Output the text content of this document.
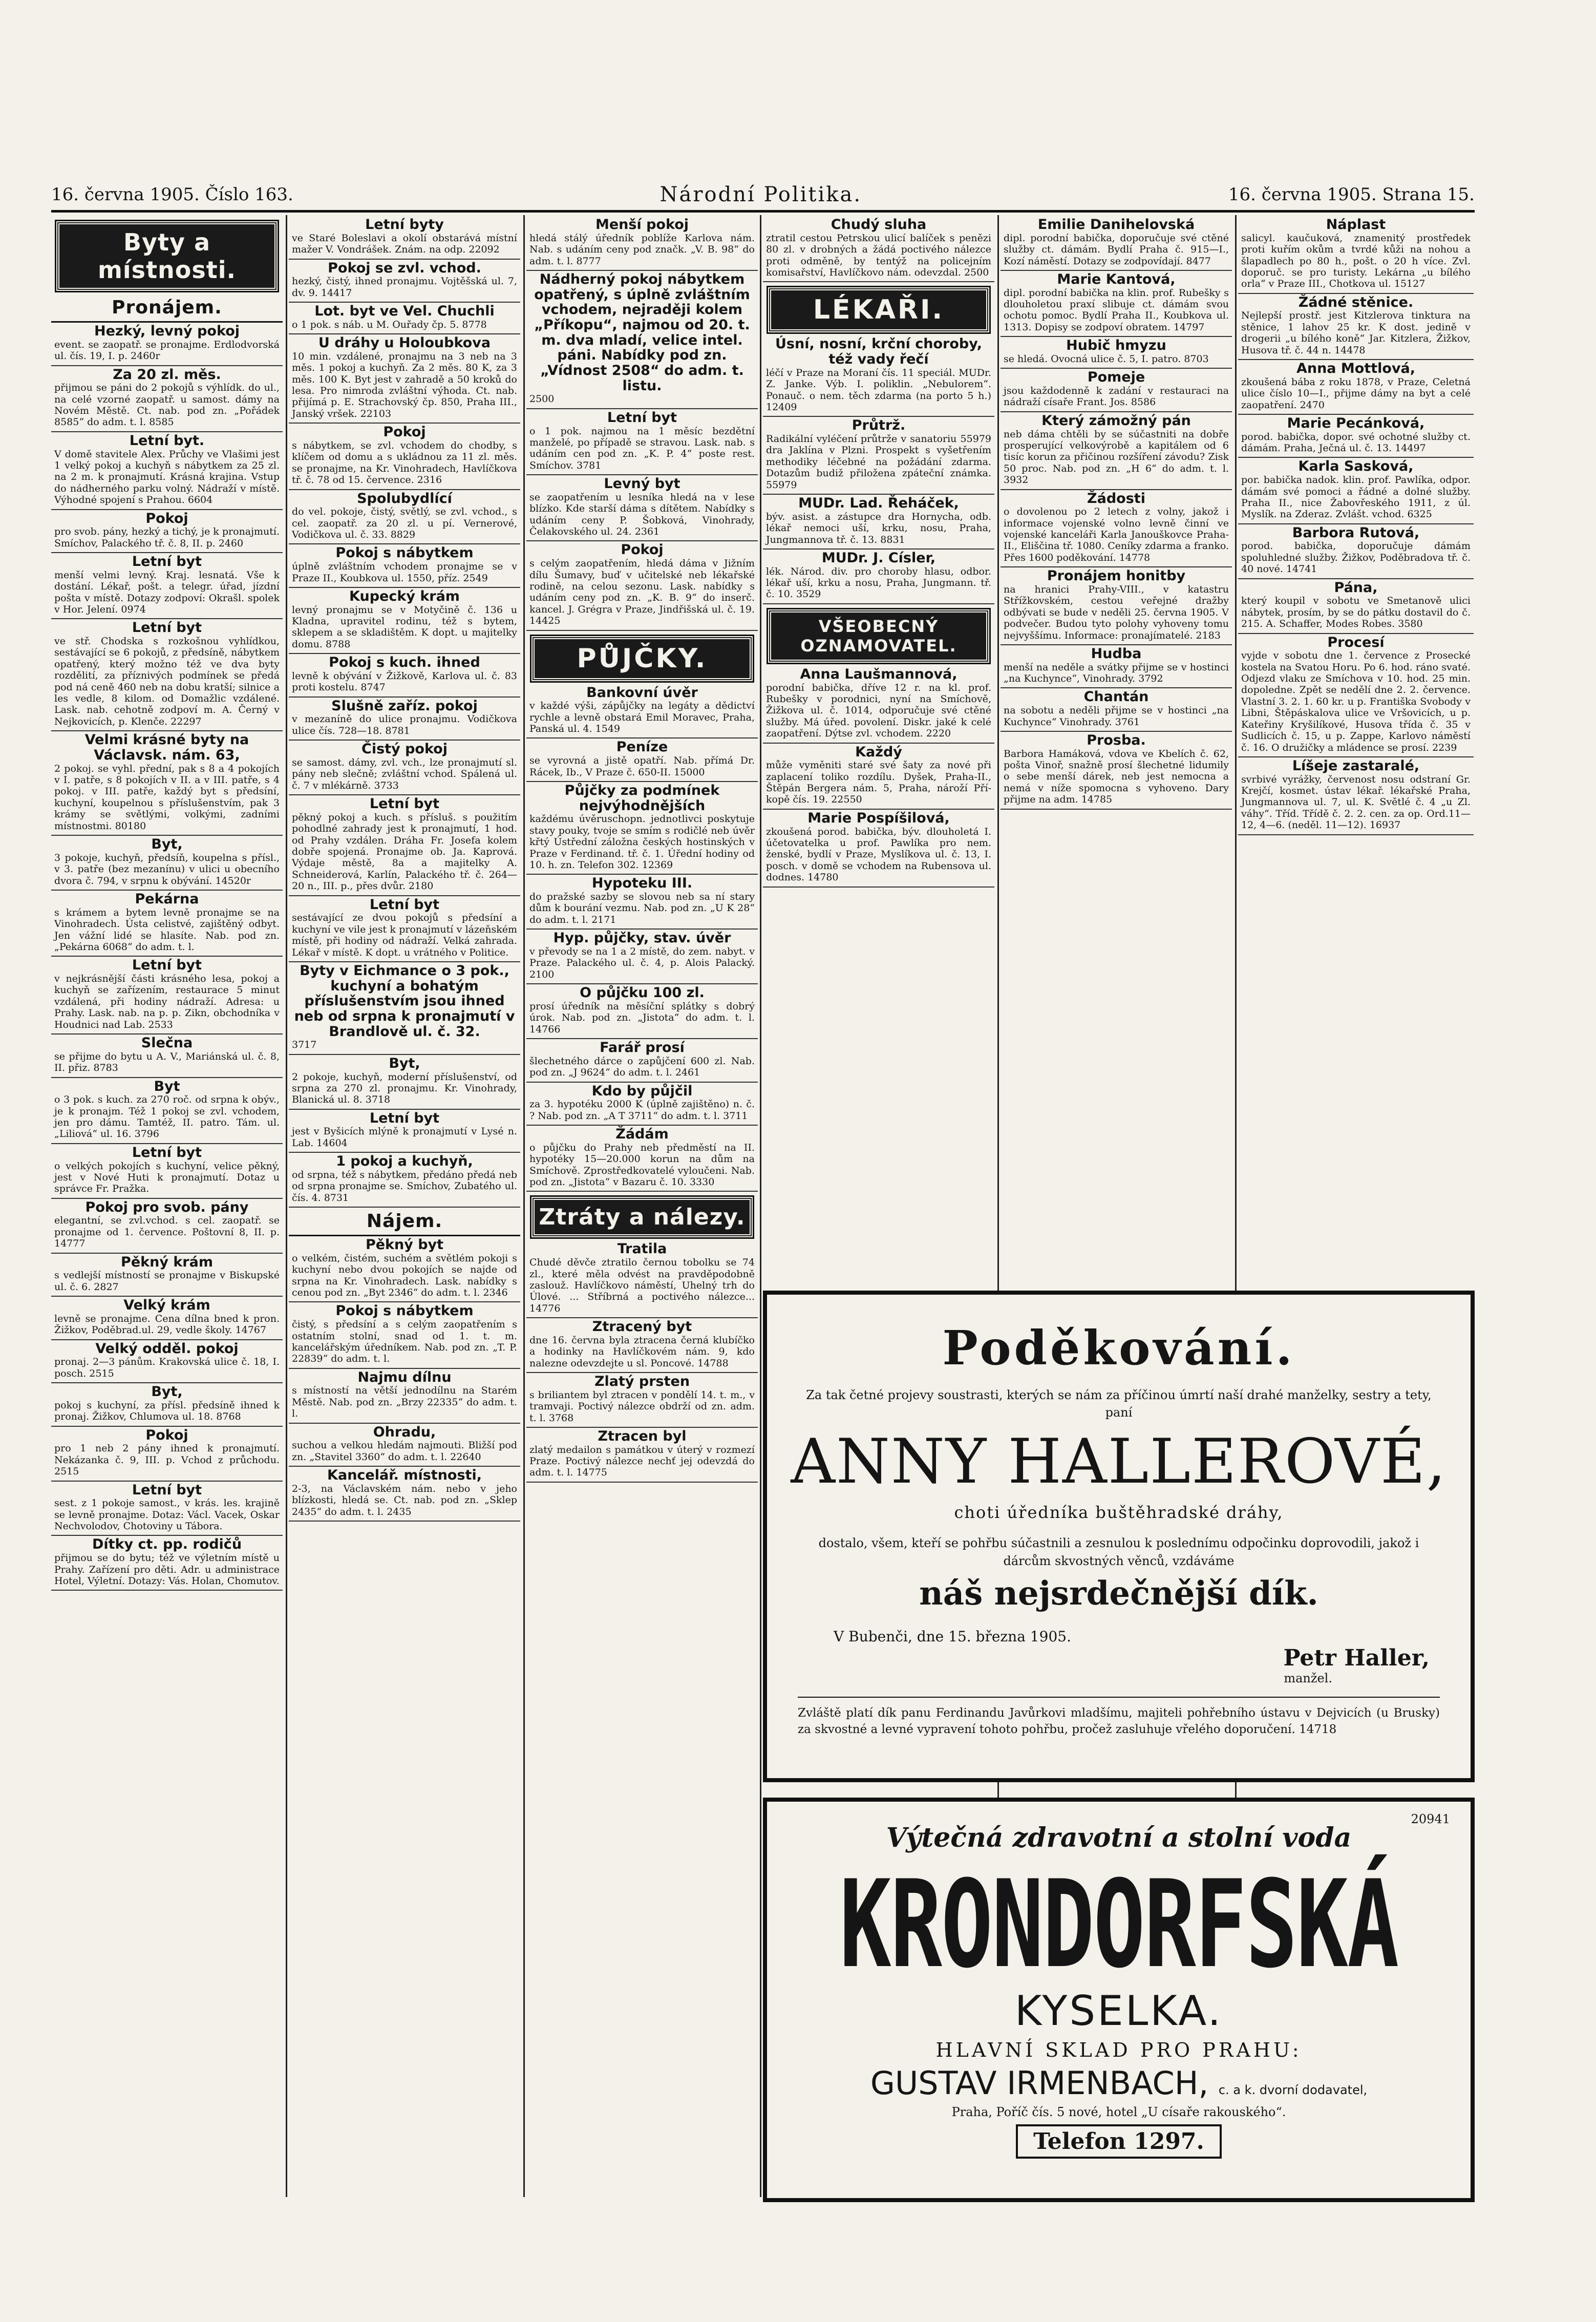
16. června 1905. Číslo 163.	Národní Politika.	16. června 1905. Strana 15.
Byty a místnosti.
Pronájem.
Hezký, levný pokoj

event. se zaopatř. se pronajme. Erdlodvorská ul. čís. 19, I. p. 2460r

Za 20 zl. měs.

přijmou se páni do 2 pokojů s výhlídk. do ul., na celé vzorné zaopatř. u samost. dámy na Novém Městě. Ct. nab. pod zn. „Pořádek 8585“ do adm. t. l. 8585

Letní byt.

V domě stavitele Alex. Průchy ve Vlašimi jest 1 velký pokoj a kuchyň s nábytkem za 25 zl. na 2 m. k pronajmutí. Krásná krajina. Vstup do nádherného parku volný. Nádraží v místě. Výhodné spojení s Prahou. 6604

Pokoj

pro svob. pány, hezký a tichý, je k pronajmutí. Smíchov, Palackého tř. č. 8, II. p. 2460

Letní byt

menší velmi levný. Kraj. lesnatá. Vše k dostání. Lékař, pošt. a telegr. úřad, jízdní pošta v místě. Dotazy zodpoví: Okrašl. spolek v Hor. Jelení. 0974

Letní byt

ve stř. Chodska s rozkošnou vyhlídkou, sestávající se 6 pokojů, z předsíně, nábytkem opatřený, který možno též ve dva byty rozdělití, za příznivých podmínek se předá pod ná ceně 460 neb na dobu kratší; silnice a les vedle, 8 kilom. od Domažlic vzdálené. Lask. nab. cehotně zodpoví m. A. Černý v Nejkovicích, p. Klenče. 22297

Velmi krásné byty na Václavsk. nám. 63,

2 pokoj. se vyhl. přední, pak s 8 a 4 pokojích v I. patře, s 8 pokojích v II. a v III. patře, s 4 pokoj. v III. patře, každý byt s předsíní, kuchyní, koupelnou s příslušenstvím, pak 3 krámy se světlými, volkými, zadními místnostmi. 80180

Byt,

3 pokoje, kuchyň, předsíň, koupelna s přísl., v 3. patře (bez mezanínu) v ulici u obecního dvora č. 794, v srpnu k obývání. 14520r

Pekárna

s krámem a bytem levně pronajme se na Vinohradech. Ústa celistvé, zajištěný odbyt. Jen vážní lidé se hlasíte. Nab. pod zn. „Pekárna 6068“ do adm. t. l.

Letní byt

v nejkrásnější části krásného lesa, pokoj a kuchyň se zařízením, restaurace 5 minut vzdálená, při hodiny nádraží. Adresa: u Prahy. Lask. nab. na p. p. Zikn, obchodníka v Houdnici nad Lab. 2533

Slečna

se přijme do bytu u A. V., Mariánská ul. č. 8, II. přiz. 8783

Byt

o 3 pok. s kuch. za 270 roč. od srpna k obýv., je k pronajm. Též 1 pokoj se zvl. vchodem, jen pro dámu. Tamtéž, II. patro. Tám. ul. „Liliová“ ul. 16. 3796

Letní byt

o velkých pokojích s kuchyní, velice pěkný, jest v Nové Huti k pronajmutí. Dotaz u správce Fr. Pražka.

Pokoj pro svob. pány

elegantní, se zvl.vchod. s cel. zaopatř. se pronajme od 1. července. Poštovní 8, II. p. 14777

Pěkný krám

s vedlejší místností se pronajme v Biskupské ul. č. 6. 2827

Velký krám

levně se pronajme. Cena dílna bned k pron. Žižkov, Poděbrad.ul. 29, vedle školy. 14767

Velký odděl. pokoj

pronaj. 2—3 pánům. Krakovská ulice č. 18, I. posch. 2515

Byt,

pokoj s kuchyní, za přísl. předsíně ihned k pronaj. Žižkov, Chlumova ul. 18. 8768

Pokoj

pro 1 neb 2 pány ihned k pronajmutí. Nekázanka č. 9, III. p. Vchod z průchodu. 2515

Letní byt

sest. z 1 pokoje samost., v krás. les. krajině se levně pronajme. Dotaz: Václ. Vacek, Oskar Nechvolodov, Chotoviny u Tábora.

Dítky ct. pp. rodičů

přijmou se do bytu; též ve výletním místě u Prahy. Zařízení pro děti. Adr. u administrace Hotel, Výletní. Dotazy: Vás. Holan, Chomutov.

Letní byty

ve Staré Boleslavi a okolí obstarává místní mažer V. Vondrášek. Znám. na odp. 22092

Pokoj se zvl. vchod.

hezký, čistý, ihned pronajmu. Vojtěšská ul. 7, dv. 9. 14417

Lot. byt ve Vel. Chuchli

o 1 pok. s náb. u M. Ouřady čp. 5. 8778

U dráhy u Holoubkova

10 min. vzdálené, pronajmu na 3 neb na 3 měs. 1 pokoj a kuchyň. Za 2 měs. 80 K, za 3 měs. 100 K. Byt jest v zahradě a 50 kroků do lesa. Pro nimroda zvláštní výhoda. Ct. nab. přijímá p. E. Strachovský čp. 850, Praha III., Janský vršek. 22103

Pokoj

s nábytkem, se zvl. vchodem do chodby, s klíčem od domu a s ukládnou za 11 zl. měs. se pronajme, na Kr. Vinohradech, Havlíčkova tř. č. 78 od 15. července. 2316

Spolubydlící

do vel. pokoje, čistý, světlý, se zvl. vchod., s cel. zaopatř. za 20 zl. u pí. Vernerové, Vodičkova ul. č. 33. 8829

Pokoj s nábytkem

úplně zvláštním vchodem pronajme se v Praze II., Koubkova ul. 1550, příz. 2549

Kupecký krám

levný pronajmu se v Motyčině č. 136 u Kladna, upravitel rodinu, též s bytem, sklepem a se skladištěm. K dopt. u majitelky domu. 8788

Pokoj s kuch. ihned

levně k obývání v Žižkově, Karlova ul. č. 83 proti kostelu. 8747

Slušně zaříz. pokoj

v mezaníně do ulice pronajmu. Vodičkova ulice čís. 728—18. 8781

Čistý pokoj

se samost. dámy, zvl. vch., lze pronajmutí sl. pány neb slečně; zvláštní vchod. Spálená ul. č. 7 v mlékárně. 3733

Letní byt

pěkný pokoj a kuch. s přísluš. s použitím pohodlné zahrady jest k pronajmutí, 1 hod. od Prahy vzdálen. Dráha Fr. Josefa kolem dobře spojená. Pronajme ob. Ja. Kaprová. Výdaje městě, 8a a majitelky A. Schneiderová, Karlín, Palackého tř. č. 264—20 n., III. p., přes dvůr. 2180

Letní byt

sestávající ze dvou pokojů s předsíní a kuchyní ve vile jest k pronajmutí v lázeňském místě, při hodiny od nádraží. Velká zahrada. Lékař v místě. K dopt. u vrátného v Politice.

Byty v Eichmance o 3 pok., kuchyní a bohatým příslušenstvím jsou ihned neb od srpna k pronajmutí v Brandlově ul. č. 32.

3717

Byt,

2 pokoje, kuchyň, moderní příslušenství, od srpna za 270 zl. pronajmu. Kr. Vinohrady, Blanická ul. 8. 3718

Letní byt

jest v Byšicích mlýně k pronajmutí v Lysé n. Lab. 14604

1 pokoj a kuchyň,

od srpna, též s nábytkem, předáno předá neb od srpna pronajme se. Smíchov, Zubatého ul. čís. 4. 8731

Nájem.
Pěkný byt

o velkém, čistém, suchém a světlém pokoji s kuchyní nebo dvou pokojích se najde od srpna na Kr. Vinohradech. Lask. nabídky s cenou pod zn. „Byt 2346“ do adm. t. l. 2346

Pokoj s nábytkem

čistý, s předsíní a s celým zaopatřením s ostatním stolní, snad od 1. t. m. kancelářským úředníkem. Nab. pod zn. „T. P. 22839“ do adm. t. l.

Najmu dílnu

s místností na větší jednodílnu na Starém Městě. Nab. pod zn. „Brzy 22335“ do adm. t. l.

Ohradu,

suchou a velkou hledám najmouti. Bližší pod zn. „Stavitel 3360“ do adm. t. l. 22640

Kancelář. místnosti,

2-3, na Václavském nám. nebo v jeho blízkosti, hledá se. Ct. nab. pod zn. „Sklep 2435“ do adm. t. l. 2435

Menší pokoj

hledá stálý úředník poblíže Karlova nám. Nab. s udáním ceny pod značk. „V. B. 98“ do adm. t. l. 8777

Nádherný pokoj nábytkem opatřený, s úplně zvláštním vchodem, nejraději kolem „Příkopu“, najmou od 20. t. m. dva mladí, velice intel. páni. Nabídky pod zn. „Vídnost 2508“ do adm. t. listu.

2500

Letní byt

o 1 pok. najmou na 1 měsíc bezdětní manželé, po případě se stravou. Lask. nab. s udáním cen pod zn. „K. P. 4“ poste rest. Smíchov. 3781

Levný byt

se zaopatřením u lesníka hledá na v lese blízko. Kde starší dáma s dítětem. Nabídky s udáním ceny P. Šobková, Vinohrady, Čelakovského ul. 24. 2361

Pokoj

s celým zaopatřením, hledá dáma v Jižním dílu Šumavy, buď v učitelské neb lékařské rodině, na celou sezonu. Lask. nabídky s udáním ceny pod zn. „K. B. 9“ do inserč. kancel. J. Grégra v Praze, Jindřišská ul. č. 19. 14425

PŮJČKY.
Bankovní úvěr

v každé výši, zápůjčky na legáty a dědictví rychle a levně obstará Emil Moravec, Praha, Panská ul. 4. 1549

Peníze

se vyrovná a jistě opatří. Nab. přímá Dr. Rácek, Ib., V Praze č. 650-II. 15000

Půjčky za podmínek nejvýhodnějších

každému úvěruschopn. jednotlivci poskytuje stavy pouky, tvoje se smím s rodičlé neb úvěr křtý Ústřední záložna českých hostinských v Praze v Ferdinand. tř. č. 1. Úřední hodiny od 10. h. zn. Telefon 302. 12369

Hypoteku III.

do pražské sazby se slovou neb sa ní stary dům k bourání vezmu. Nab. pod zn. „U K 28“ do adm. t. l. 2171

Hyp. půjčky, stav. úvěr

v převody se na 1 a 2 místě, do zem. nabyt. v Praze. Palackého ul. č. 4, p. Alois Palacký. 2100

O půjčku 100 zl.

prosí úředník na měsíční splátky s dobrý úrok. Nab. pod zn. „Jistota“ do adm. t. l. 14766

Farář prosí

šlechetného dárce o zapůjčení 600 zl. Nab. pod zn. „J 9624“ do adm. t. l. 2461

Kdo by půjčil

za 3. hypotéku 2000 K (úplně zajištěno) n. č. ? Nab. pod zn. „A T 3711“ do adm. t. l. 3711

Žádám

o půjčku do Prahy neb předměstí na II. hypotéky 15—20.000 korun na dům na Smíchově. Zprostředkovatelé vyloučeni. Nab. pod zn. „Jistota“ v Bazaru č. 10. 3330

Ztráty a nálezy.
Tratila

Chudé děvče ztratilo černou tobolku se 74 zl., které měla odvést na pravděpodobně zaslouž. Havlíčkovo náměstí, Uhelný trh do Úlové. ... Stříbrná a poctivého nálezce... 14776

Ztracený byt

dne 16. června byla ztracena černá klubíčko a hodinky na Havlíčkovém nám. 9, kdo nalezne odevzdejte u sl. Poncové. 14788

Zlatý prsten

s briliantem byl ztracen v pondělí 14. t. m., v tramvaji. Poctivý nálezce obdrží od zn. adm. t. l. 3768

Ztracen byl

zlatý medailon s památkou v úterý v rozmezí Praze. Poctivý nálezce nechť jej odevzdá do adm. t. l. 14775

Chudý sluha

ztratil cestou Petrskou ulicí balíček s penězi 80 zl. v drobných a žádá poctivého nálezce proti odměně, by tentýž na policejním komisařství, Havlíčkovo nám. odevzdal. 2500

LÉKAŘI.
Úsní, nosní, krční choroby, též vady řečí

léčí v Praze na Moraní čís. 11 speciál. MUDr. Z. Janke. Výb. I. poliklin. „Nebulorem“. Ponauč. o nem. těch zdarma (na porto 5 h.) 12409

Průtrž.

Radikální vyléčení průtrže v sanatoriu 55979 dra Jaklína v Plzni. Prospekt s vyšetřením methodiky léčebné na požádání zdarma. Dotazům budiž přiložena zpáteční známka. 55979

MUDr. Lad. Řeháček,

býv. asist. a zástupce dra Hornycha, odb. lékař nemoci uší, krku, nosu, Praha, Jungmannova tř. č. 13. 8831

MUDr. J. Císler,

lék. Národ. div. pro choroby hlasu, odbor. lékař uší, krku a nosu, Praha, Jungmann. tř. č. 10. 3529

VŠEOBECNÝ OZNAMOVATEL.
Anna Laušmannová,

porodní babička, dříve 12 r. na kl. prof. Rubešky v porodnici, nyní na Smíchově, Žižkova ul. č. 1014, odporučuje své ctěné služby. Má úřed. povolení. Diskr. jaké k celé zaopatření. Dýtse zvl. vchodem. 2220

Každý

může vyměniti staré své šaty za nové při zaplacení toliko rozdílu. Dyšek, Praha-II., Štěpán Bergera nám. 5, Praha, nároží Pří-kopě čís. 19. 22550

Marie Pospíšilová,

zkoušená porod. babička, býv. dlouholetá I. účetovatelka u prof. Pawlíka pro nem. ženské, bydlí v Praze, Myslíkova ul. č. 13, I. posch. v domě se vchodem na Rubensova ul. dodnes. 14780

Emilie Danihelovská

dipl. porodní babička, doporučuje své ctěné služby ct. dámám. Bydlí Praha č. 915—I., Kozí náměstí. Dotazy se zodpovídají. 8477

Marie Kantová,

dipl. porodní babička na klin. prof. Rubešky s dlouholetou praxí slibuje ct. dámám svou ochotu pomoc. Bydlí Praha II., Koubkova ul. 1313. Dopisy se zodpoví obratem. 14797

Hubič hmyzu

se hledá. Ovocná ulice č. 5, I. patro. 8703

Pomeje

jsou každodenně k zadání v restauraci na nádraží císaře Frant. Jos. 8586

Který zámožný pán

neb dáma chtěli by se súčastniti na dobře prosperující velkovýrobě a kapitálem od 6 tisíc korun za přičinou rozšíření závodu? Zisk 50 proc. Nab. pod zn. „H 6“ do adm. t. l. 3932

Žádosti

o dovolenou po 2 letech z volny, jakož i informace vojenské volno levně činní ve vojenské kanceláři Karla Janouškovce Praha-II., Eliščina tř. 1080. Ceníky zdarma a franko. Přes 1600 poděkování. 14778

Pronájem honitby

na hranici Prahy-VIII., v katastru Střížkovském, cestou veřejné dražby odbývati se bude v neděli 25. června 1905. V podvečer. Budou tyto polohy vyhoveny tomu nejvyššímu. Informace: pronajímatelé. 2183

Hudba

menší na neděle a svátky přijme se v hostinci „na Kuchynce“, Vinohrady. 3792

Chantán

na sobotu a neděli přijme se v hostinci „na Kuchynce“ Vinohrady. 3761

Prosba.

Barbora Hamáková, vdova ve Kbelích č. 62, pošta Vinoř, snažně prosí šlechetné lidumily o sebe menší dárek, neb jest nemocna a nemá v níže spomocna s vyhoveno. Dary přijme na adm. 14785

Náplast

salicyl. kaučuková, znamenitý prostředek proti kuřím okům a tvrdé kůži na nohou a šlapadlech po 80 h., pošt. o 20 h více. Zvl. doporuč. se pro turisty. Lekárna „u bílého orla“ v Praze III., Chotkova ul. 15127

Žádné stěnice.

Nejlepší prostř. jest Kitzlerova tinktura na stěnice, 1 lahov 25 kr. K dost. jedině v drogerii „u bílého koně“ Jar. Kitzlera, Žižkov, Husova tř. č. 44 n. 14478

Anna Mottlová,

zkoušená bába z roku 1878, v Praze, Celetná ulice číslo 10—I., přijme dámy na byt a celé zaopatření. 2470

Marie Pecánková,

porod. babička, dopor. své ochotné služby ct. dámám. Praha, Ječná ul. č. 13. 14497

Karla Sasková,

por. babička nadok. klin. prof. Pawlíka, odpor. dámám své pomoci a řádné a dolné služby. Praha II., nice Žabovřeského 1911, z úl. Myslík. na Zderaz. Zvlášt. vchod. 6325

Barbora Rutová,

porod. babička, doporučuje dámám spoluhledné služby. Žižkov, Poděbradova tř. č. 40 nové. 14741

Pána,

který koupil v sobotu ve Smetanově ulici nábytek, prosím, by se do pátku dostavil do č. 215. A. Schaffer, Modes Robes. 3580

Procesí

vyjde v sobotu dne 1. července z Prosecké kostela na Svatou Horu. Po 6. hod. ráno svaté. Odjezd vlaku ze Smíchova v 10. hod. 25 min. dopoledne. Zpět se nedělí dne 2. 2. července. Vlastní 3. 2. 1. 60 kr. u p. Františka Svobody v Libni, Štěpáskalova ulice ve Vršovicích, u p. Kateřiny Kryšilíkové, Husova třída č. 35 v Sudlicích č. 15, u p. Zappe, Karlovo náměstí č. 16. O družičky a mládence se prosí. 2239

Líšeje zastaralé,

svrbivé vyrážky, červenost nosu odstraní Gr. Krejčí, kosmet. ústav lékař. lékařské Praha, Jungmannova ul. 7, ul. K. Světlé č. 4 „u Zl. váhy“. Tříd. Třídě č. 2. 2. cen. za op. Ord.11—12, 4—6. (neděl. 11—12). 16937

Poděkování.
Za tak četné projevy soustrasti, kterých se nám za příčinou úmrtí naší drahé manželky, sestry a tety, paní
ANNY HALLEROVÉ,
choti úředníka buštěhradské dráhy,
dostalo, všem, kteří se pohřbu súčastnili a zesnulou k poslednímu odpočinku doprovodili, jakož i dárcům skvostných věnců, vzdáváme
náš nejsrdečnější dík.
V Bubenči, dne 15. března 1905.
Petr Haller,
manžel.
Zvláště platí dík panu Ferdinandu Javůrkovi mladšímu, majiteli pohřebního ústavu v Dejvicích (u Brusky) za skvostné a levné vypravení tohoto pohřbu, pročež zasluhuje vřelého doporučení. 14718
20941
Výtečná zdravotní a stolní voda
KRONDORFSKÁ
KYSELKA.
HLAVNÍ SKLAD PRO PRAHU:
GUSTAV IRMENBACH, c. a k. dvorní dodavatel,
Praha, Poříč čís. 5 nové, hotel „U císaře rakouského“.
Telefon 1297.
